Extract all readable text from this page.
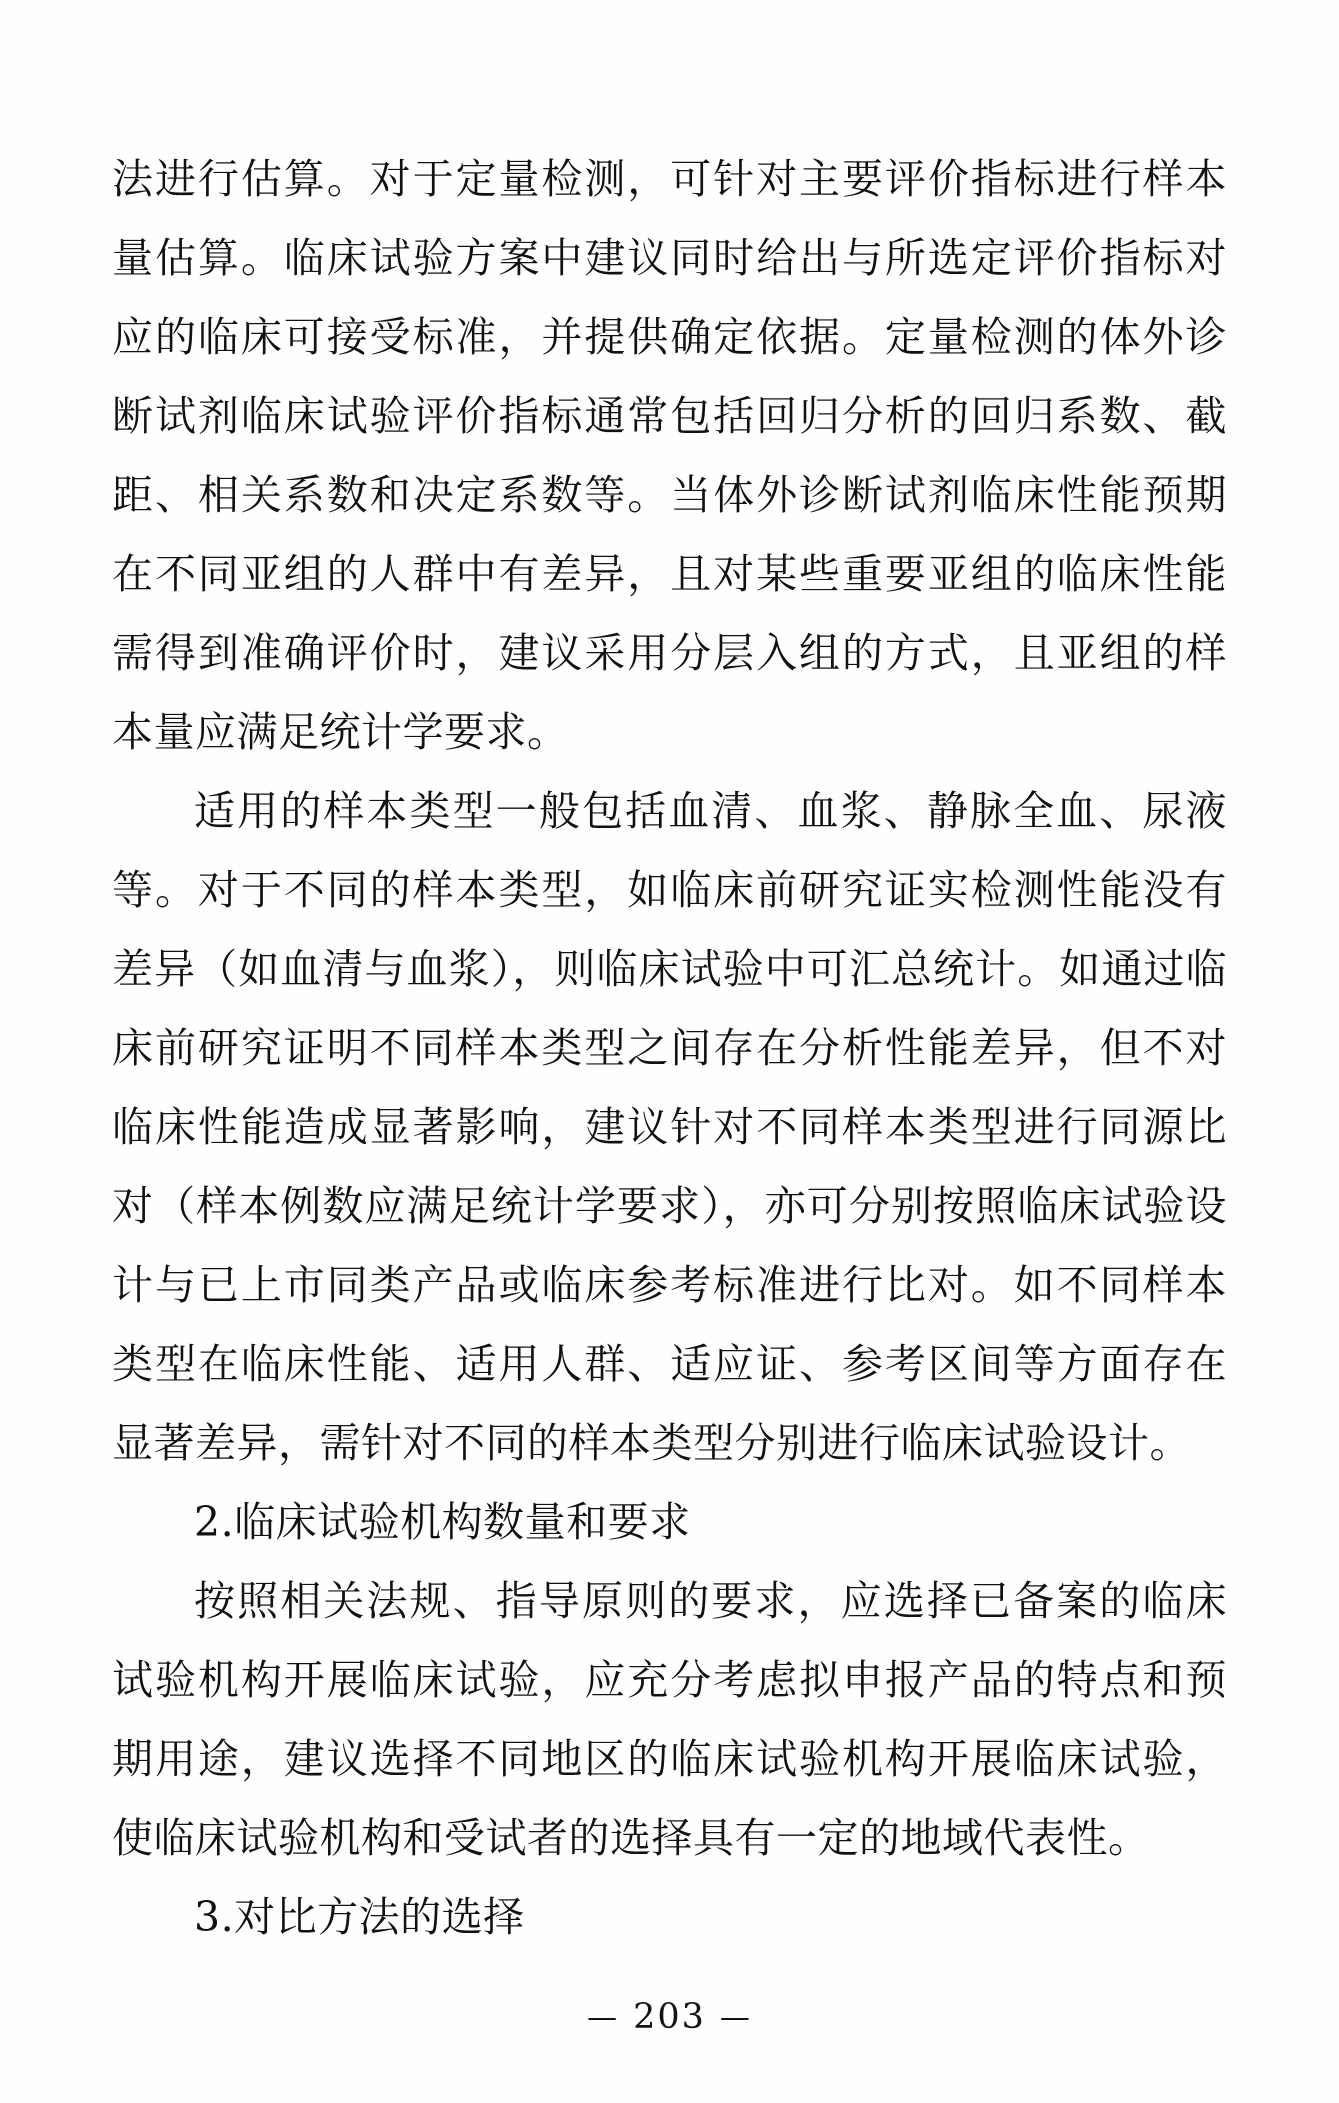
法进行估算。对于定量检测，可针对主要评价指标进行样本量估算。临床试验方案中建议同时给出与所选定评价指标对应的临床可接受标准，并提供确定依据。定量检测的体外诊断试剂临床试验评价指标通常包括回归分析的回归系数、截距、相关系数和决定系数等。当体外诊断试剂临床性能预期在不同亚组的人群中有差异，且对某些重要亚组的临床性能需得到准确评价时，建议采用分层入组的方式，且亚组的样本量应满足统计学要求。

适用的样本类型一般包括血清、血浆、静脉全血、尿液等。对于不同的样本类型，如临床前研究证实检测性能没有差异（如血清与血浆），则临床试验中可汇总统计。如通过临床前研究证明不同样本类型之间存在分析性能差异，但不对临床性能造成显著影响，建议针对不同样本类型进行同源比对（样本例数应满足统计学要求），亦可分别按照临床试验设计与已上市同类产品或临床参考标准进行比对。如不同样本类型在临床性能、适用人群、适应证、参考区间等方面存在显著差异，需针对不同的样本类型分别进行临床试验设计。

2.临床试验机构数量和要求

按照相关法规、指导原则的要求，应选择已备案的临床试验机构开展临床试验，应充分考虑拟申报产品的特点和预期用途，建议选择不同地区的临床试验机构开展临床试验，使临床试验机构和受试者的选择具有一定的地域代表性。

3.对比方法的选择

— 203 —
